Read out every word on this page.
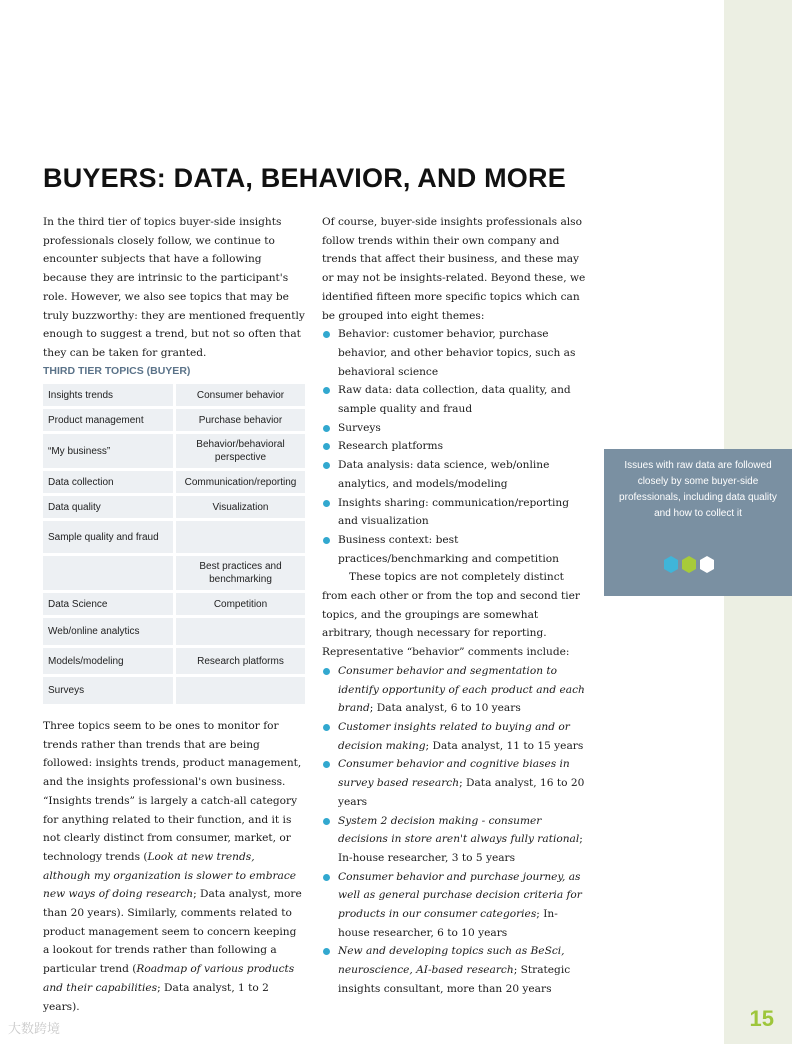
BUYERS: DATA, BEHAVIOR, AND MORE

In the third tier of topics buyer-side insights professionals closely follow, we continue to encounter subjects that have a following because they are intrinsic to the participant's role. However, we also see topics that may be truly buzzworthy: they are mentioned frequently enough to suggest a trend, but not so often that they can be taken for granted.

THIRD TIER TOPICS (BUYER)
Insights trends	Consumer behavior
Product management	Purchase behavior
“My business”	Behavior/behavioral perspective
Data collection	Communication/reporting
Data quality	Visualization
Sample quality and fraud	
	Best practices and benchmarking
Data Science	Competition
Web/online analytics	
Models/modeling	Research platforms
Surveys	

Three topics seem to be ones to monitor for trends rather than trends that are being followed: insights trends, product management, and the insights professional's own business. “Insights trends” is largely a catch-all category for anything related to their function, and it is not clearly distinct from consumer, market, or technology trends (Look at new trends, although my organization is slower to embrace new ways of doing research; Data analyst, more than 20 years). Similarly, comments related to product management seem to concern keeping a lookout for trends rather than following a particular trend (Roadmap of various products and their capabilities; Data analyst, 1 to 2 years).

Of course, buyer-side insights professionals also follow trends within their own company and trends that affect their business, and these may or may not be insights-related. Beyond these, we identified fifteen more specific topics which can be grouped into eight themes:

Behavior: customer behavior, purchase behavior, and other behavior topics, such as behavioral science
Raw data: data collection, data quality, and sample quality and fraud
Surveys
Research platforms
Data analysis: data science, web/online analytics, and models/modeling
Insights sharing: communication/reporting and visualization
Business context: best practices/benchmarking and competition

These topics are not completely distinct from each other or from the top and second tier topics, and the groupings are somewhat arbitrary, though necessary for reporting. Representative “behavior” comments include:

Consumer behavior and segmentation to identify opportunity of each product and each brand; Data analyst, 6 to 10 years
Customer insights related to buying and or decision making; Data analyst, 11 to 15 years
Consumer behavior and cognitive biases in survey based research; Data analyst, 16 to 20 years
System 2 decision making - consumer decisions in store aren't always fully rational; In-house researcher, 3 to 5 years
Consumer behavior and purchase journey, as well as general purchase decision criteria for products in our consumer categories; In-house researcher, 6 to 10 years
New and developing topics such as BeSci, neuroscience, AI-based research; Strategic insights consultant, more than 20 years
Issues with raw data are followed closely by some buyer-side professionals, including data quality and how to collect it
15
大数跨境
